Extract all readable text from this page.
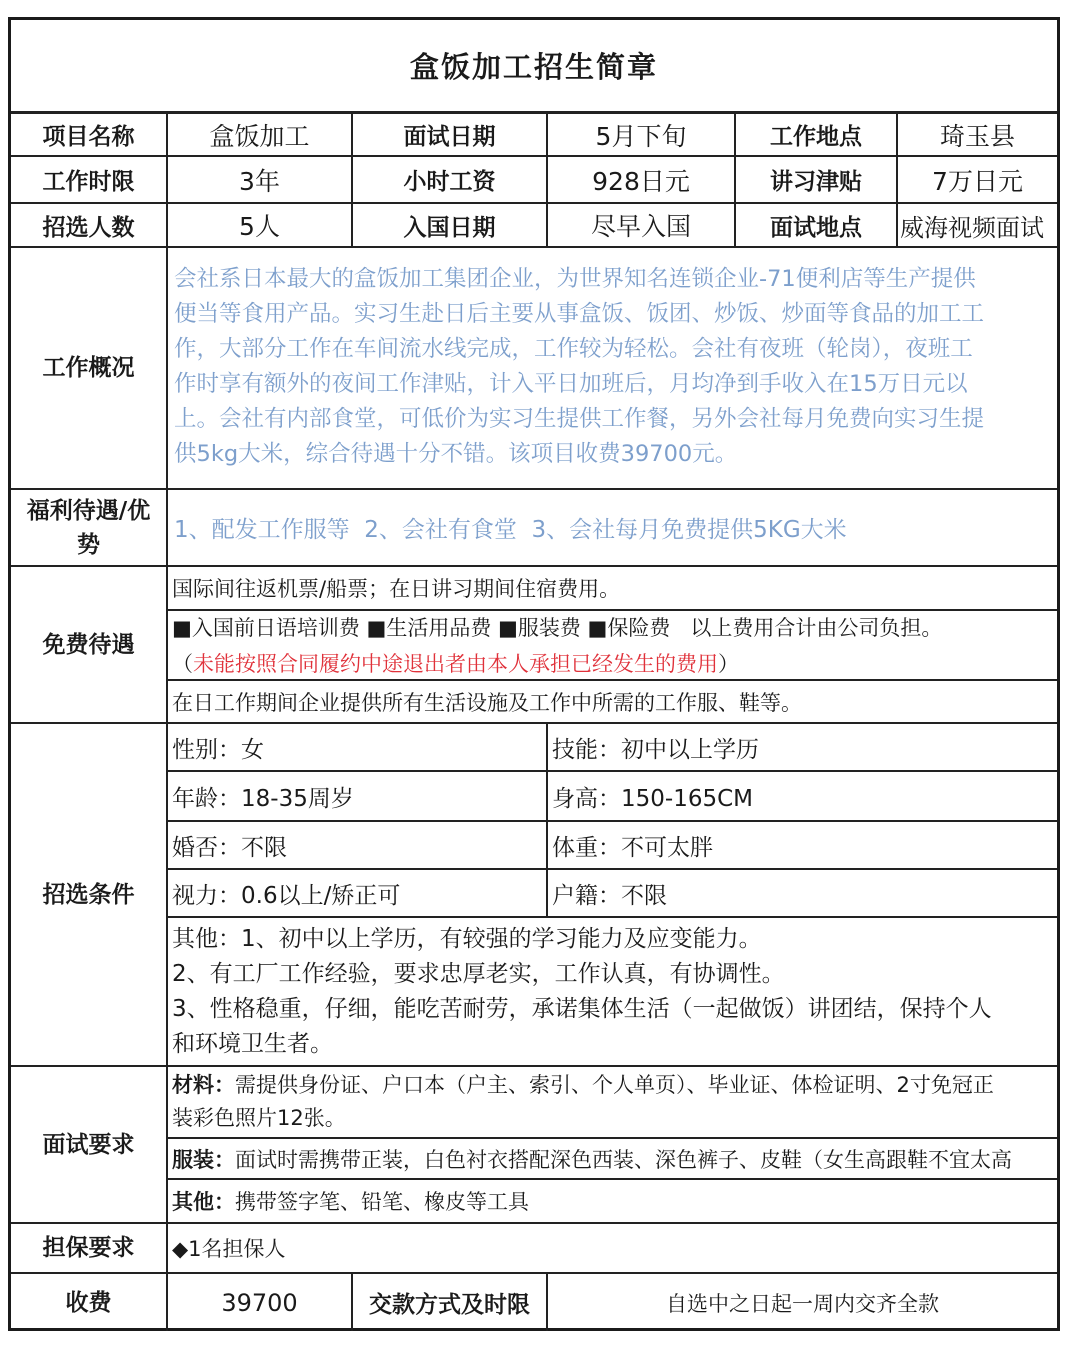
盒饭加工招生简章
项目名称	盒饭加工	面试日期	5月下旬	工作地点	琦玉县
工作时限	3年	小时工资	928日元	讲习津贴	7万日元
招选人数	5人	入国日期	尽早入国	面试地点	威海视频面试
工作概况
会社系日本最大的盒饭加工集团企业，为世界知名连锁企业-71便利店等生产提供
便当等食用产品。实习生赴日后主要从事盒饭、饭团、炒饭、炒面等食品的加工工
作，大部分工作在车间流水线完成，工作较为轻松。会社有夜班（轮岗），夜班工
作时享有额外的夜间工作津贴，计入平日加班后，月均净到手收入在15万日元以
上。会社有内部食堂，可低价为实习生提供工作餐，另外会社每月免费向实习生提
供5kg大米，综合待遇十分不错。该项目收费39700元。
福利待遇/优
势
1、配发工作服等  2、会社有食堂  3、会社每月免费提供5KG大米
免费待遇
国际间往返机票/船票；在日讲习期间住宿费用。
■入国前日语培训费 ■生活用品费 ■服装费 ■保险费   以上费用合计由公司负担。
（未能按照合同履约中途退出者由本人承担已经发生的费用）
在日工作期间企业提供所有生活设施及工作中所需的工作服、鞋等。
招选条件
性别：女	技能：初中以上学历
年龄：18-35周岁	身高：150-165CM
婚否：不限	体重：不可太胖
视力：0.6以上/矫正可	户籍：不限
其他：1、初中以上学历，有较强的学习能力及应变能力。
2、有工厂工作经验，要求忠厚老实，工作认真，有协调性。
3、性格稳重，仔细，能吃苦耐劳，承诺集体生活（一起做饭）讲团结，保持个人
和环境卫生者。
面试要求
材料：需提供身份证、户口本（户主、索引、个人单页）、毕业证、体检证明、2寸免冠正
装彩色照片12张。
服装： 面试时需携带正装，白色衬衣搭配深色西装、深色裤子、皮鞋（女生高跟鞋不宜太高
其他： 携带签字笔、铅笔、橡皮等工具
担保要求	◆1名担保人
收费	39700	交款方式及时限	自选中之日起一周内交齐全款
